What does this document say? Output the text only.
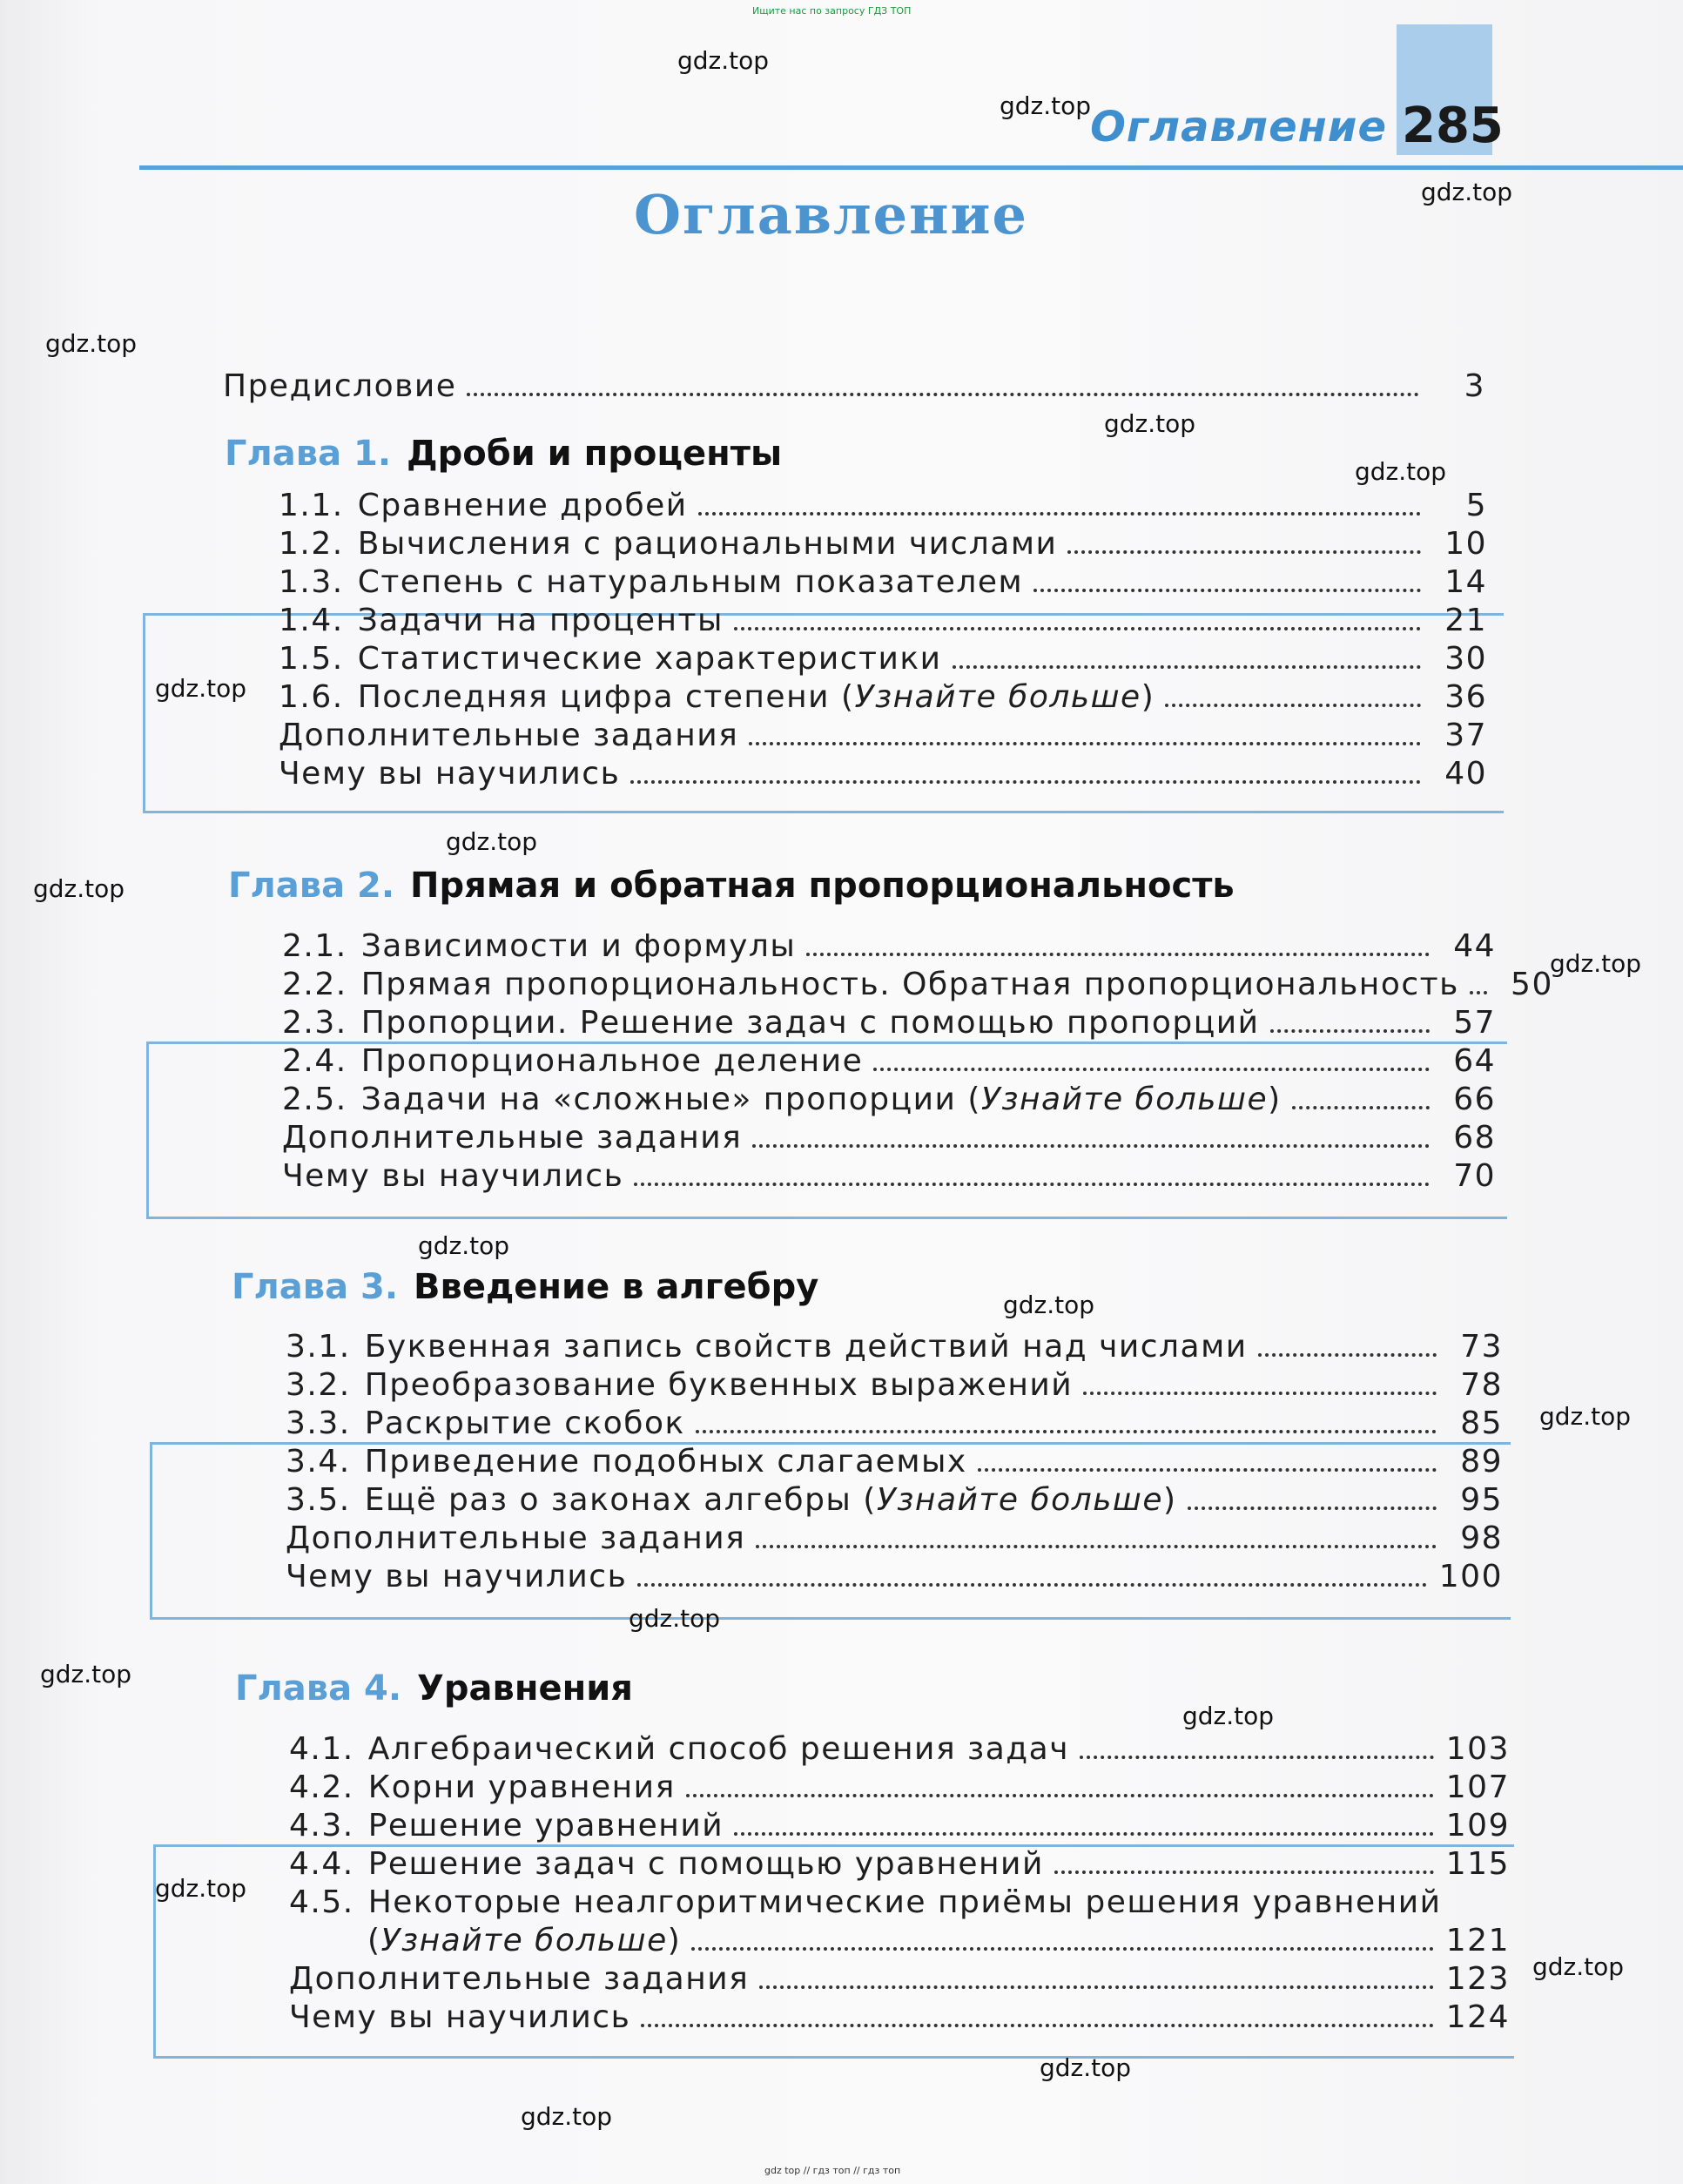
Ищите нас по запросу ГДЗ ТОП
Оглавление 285
Оглавление
Предисловие	3
Глава 1. Дроби и проценты
1.1. Сравнение дробей	5
1.2. Вычисления с рациональными числами	10
1.3. Степень с натуральным показателем	14
1.4. Задачи на проценты	21
1.5. Статистические характеристики	30
1.6. Последняя цифра степени (Узнайте больше)	36
Дополнительные задания	37
Чему вы научились	40
Глава 2. Прямая и обратная пропорциональность
2.1. Зависимости и формулы	44
2.2. Прямая пропорциональность. Обратная пропорциональность	50
2.3. Пропорции. Решение задач с помощью пропорций	57
2.4. Пропорциональное деление	64
2.5. Задачи на «сложные» пропорции (Узнайте больше)	66
Дополнительные задания	68
Чему вы научились	70
Глава 3. Введение в алгебру
3.1. Буквенная запись свойств действий над числами	73
3.2. Преобразование буквенных выражений	78
3.3. Раскрытие скобок	85
3.4. Приведение подобных слагаемых	89
3.5. Ещё раз о законах алгебры (Узнайте больше)	95
Дополнительные задания	98
Чему вы научились	100
Глава 4. Уравнения
4.1. Алгебраический способ решения задач	103
4.2. Корни уравнения	107
4.3. Решение уравнений	109
4.4. Решение задач с помощью уравнений	115
4.5. Некоторые неалгоритмические приёмы решения уравнений
(Узнайте больше)	121
Дополнительные задания	123
Чему вы научились	124
gdz.top
gdz.top
gdz.top
gdz.top
gdz.top
gdz.top
gdz.top
gdz.top
gdz.top
gdz.top
gdz.top
gdz.top
gdz.top
gdz.top
gdz.top
gdz.top
gdz.top
gdz.top
gdz.top
gdz.top
gdz top // гдз топ // гдз топ
